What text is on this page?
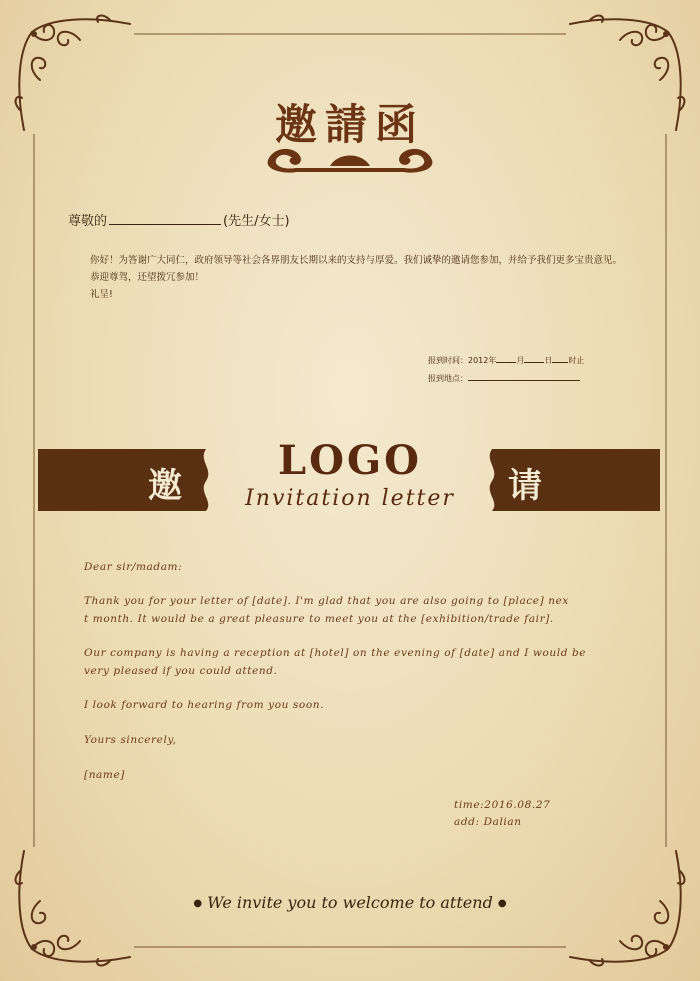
邀請函
尊敬的	(先生/女士)
你好！为答谢广大同仁，政府领导等社会各界朋友长期以来的支持与厚爱。我们诚挚的邀请您参加，并给予我们更多宝贵意见。
恭迎尊驾，还望拨冗参加！
礼呈!
报到时间：2012年	月	日 时止
报到地点：
邀	请
LOGO
Invitation letter
Dear sir/madam:
Thank you for your letter of [date]. I'm glad that you are also going to [place] nex
t month. It would be a great pleasure to meet you at the [exhibition/trade fair].
Our company is having a reception at [hotel] on the evening of [date] and I would be
very pleased if you could attend.
I look forward to hearing from you soon.
Yours sincerely,
[name]
time:2016.08.27
add: Dalian
● We invite you to welcome to attend ●
